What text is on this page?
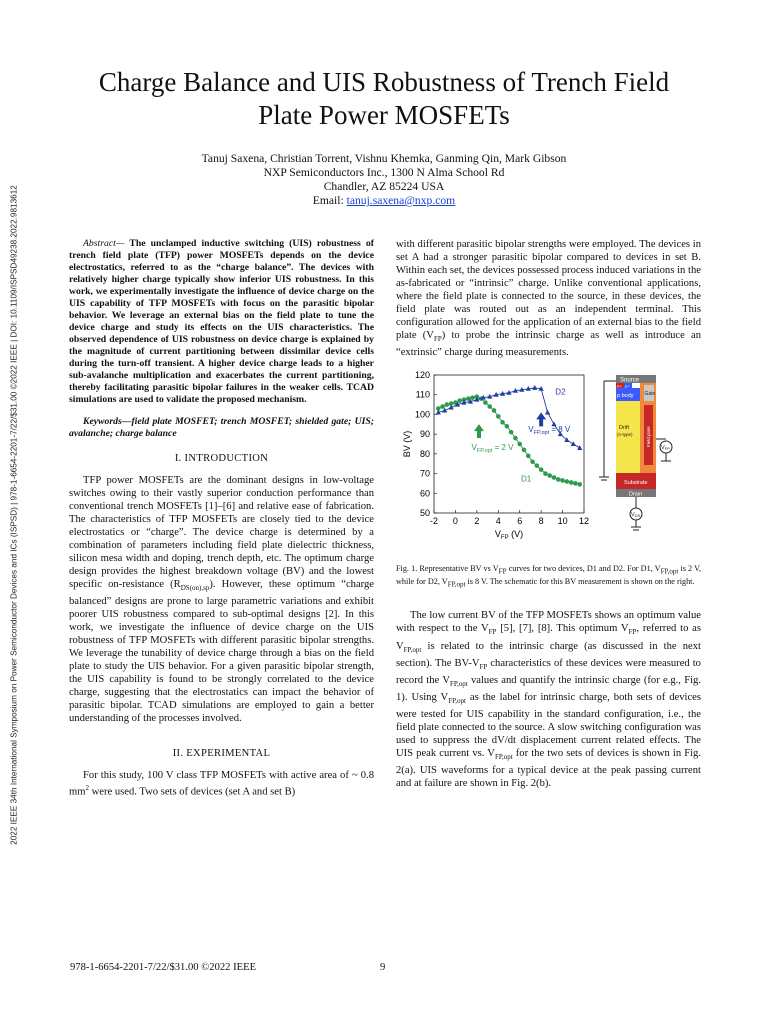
2022 IEEE 34th International Symposium on Power Semiconductor Devices and ICs (ISPSD) | 978-1-6654-2201-7/22/$31.00 ©2022 IEEE | DOI: 10.1109/ISPSD49238.2022.9813612
Charge Balance and UIS Robustness of Trench Field
Plate Power MOSFETs
Tanuj Saxena, Christian Torrent, Vishnu Khemka, Ganming Qin, Mark Gibson
NXP Semiconductors Inc., 1300 N Alma School Rd
Chandler, AZ 85224 USA
Email: tanuj.saxena@nxp.com

Abstract— The unclamped inductive switching (UIS) robustness of trench field plate (TFP) power MOSFETs depends on the device electrostatics, referred to as the “charge balance”. The devices with relatively higher charge typically show inferior UIS robustness. In this work, we experimentally investigate the influence of device charge on the UIS capability of TFP MOSFETs with focus on the parasitic bipolar behavior. We leverage an external bias on the field plate to tune the device charge and study its effects on the UIS characteristics. The observed dependence of UIS robustness on device charge is explained by the magnitude of current partitioning between dissimilar device cells during the turn-off transient. A higher device charge leads to a higher sub-avalanche multiplication and exacerbates the current partitioning, thereby facilitating parasitic bipolar failures in the weaker cells. TCAD simulations are used to validate the proposed mechanism.

Keywords—field plate MOSFET; trench MOSFET; shielded gate; UIS; avalanche; charge balance

I. INTRODUCTION

TFP power MOSFETs are the dominant designs in low-voltage switches owing to their vastly superior conduction performance than conventional trench MOSFETs [1]–[6] and relative ease of fabrication. The characteristics of TFP MOSFETs are closely tied to the device electrostatics or “charge”. The device charge is determined by a combination of parameters including field plate dielectric thickness, silicon mesa width and doping, trench depth, etc. The optimum charge design provides the highest breakdown voltage (BV) and the lowest specific on-resistance $(R_{DS(on),sp})$. However, these optimum “charge balanced” designs are prone to large parametric variations and exhibit poorer UIS robustness compared to sub-optimal designs [2]. In this work, we investigate the influence of device charge on the UIS robustness of TFP MOSFETs with different parasitic bipolar strengths. We leverage the tunability of device charge through a bias on the field plate to study the UIS behavior. For a given parasitic bipolar strength, the UIS capability is found to be strongly correlated to the device charge, suggesting that the electrostatics can impact the behavior of parasitic bipolar. TCAD simulations are employed to gain a better understanding of the processes involved.

II. EXPERIMENTAL

For this study, 100 V class TFP MOSFETs with active area of ~ 0.8 $mm^2$ were used. Two sets of devices (set A and set B)

with different parasitic bipolar strengths were employed. The devices in set A had a stronger parasitic bipolar compared to devices in set B. Within each set, the devices possessed process induced variations in the as-fabricated or “intrinsic” charge. Unlike conventional applications, where the field plate is connected to the source, in these devices, the field plate was routed out as an independent terminal. This configuration allowed for the application of an external bias to the field plate $(V_{FP})$ to probe the intrinsic charge as well as introduce an “extrinsic” charge during measurements.

50
60
70
80
90
100
110
120
-2 0 2 4 6 8 10 12
BV (V)
$V_{FP}$ (V)
$V_{FP,opt} = 2$ V
$V_{FP,opt} = 8$ V
D1
D2
Source
n+ p+
p body Gate
Drift
(n-type)	Field plate
Substrate
Drain
VFP
VDS

Fig. 1. Representative BV vs $V_{FP}$ curves for two devices, D1 and D2. For D1, $V_{FP,opt}$ is 2 V, while for D2, $V_{FP,opt}$ is 8 V. The schematic for this BV measurement is shown on the right.

The low current BV of the TFP MOSFETs shows an optimum value with respect to the $V_{FP}$ [5], [7], [8]. This optimum $V_{FP}$, referred to as $V_{FP,opt}$ is related to the intrinsic charge (as discussed in the next section). The $BV-V_{FP}$ characteristics of these devices were measured to record the $V_{FP,opt}$ values and quantify the intrinsic charge (for e.g., Fig. 1). Using $V_{FP,opt}$ as the label for intrinsic charge, both sets of devices were tested for UIS capability in the standard configuration, i.e., the field plate connected to the source. A slow switching configuration was used to suppress the dV/dt displacement current related effects. The UIS peak current vs. $V_{FP,opt}$ for the two sets of devices is shown in Fig. 2(a). UIS waveforms for a typical device at the peak passing current and at failure are shown in Fig. 2(b).

978-1-6654-2201-7/22/$31.00 ©2022 IEEE	9
